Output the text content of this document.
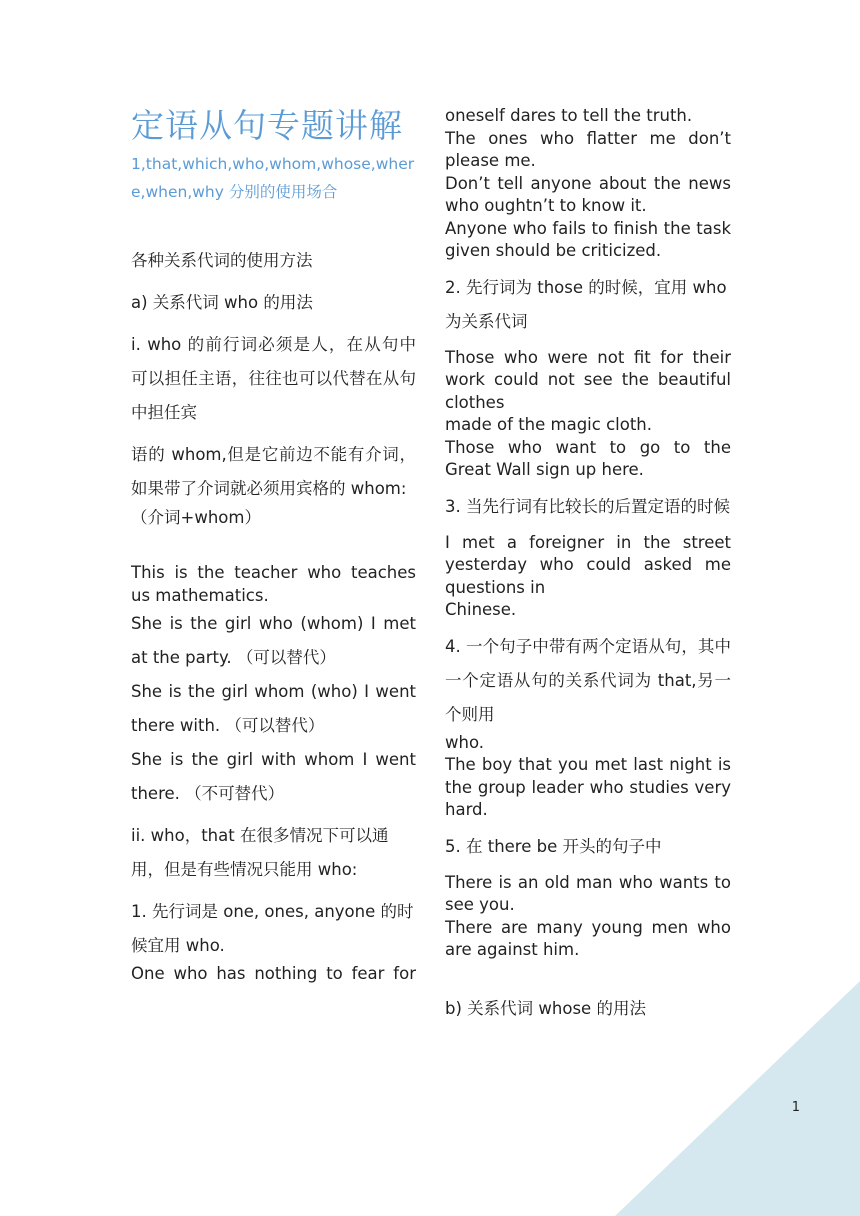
定语从句专题讲解
1,that,which,who,whom,whose,where,when,why 分别的使用场合

各种关系代词的使用方法

a) 关系代词 who 的用法

i. who 的前行词必须是人，在从句中可以担任主语，往往也可以代替在从句中担任宾

语的 whom,但是它前边不能有介词，如果带了介词就必须用宾格的 whom:

（介词+whom）

This is the teacher who teaches us mathematics.

She is the girl who (whom) I met at the party. （可以替代）

She is the girl whom (who) I went there with. （可以替代）

She is the girl with whom I went there. （不可替代）

ii. who，that 在很多情况下可以通用，但是有些情况只能用 who:

1. 先行词是 one, ones, anyone 的时候宜用 who.

One who has nothing to fear for

oneself dares to tell the truth.

The ones who flatter me don’t please me.

Don’t tell anyone about the news who oughtn’t to know it.

Anyone who fails to finish the task given should be criticized.

2. 先行词为 those 的时候，宜用 who 为关系代词

Those who were not fit for their work could not see the beautiful clothes

made of the magic cloth.

Those who want to go to the Great Wall sign up here.

3. 当先行词有比较长的后置定语的时候

I met a foreigner in the street yesterday who could asked me questions in

Chinese.

4. 一个句子中带有两个定语从句，其中一个定语从句的关系代词为 that,另一个则用

who.

The boy that you met last night is the group leader who studies very hard.

5. 在 there be 开头的句子中

There is an old man who wants to see you.

There are many young men who are against him.

b) 关系代词 whose 的用法

1
